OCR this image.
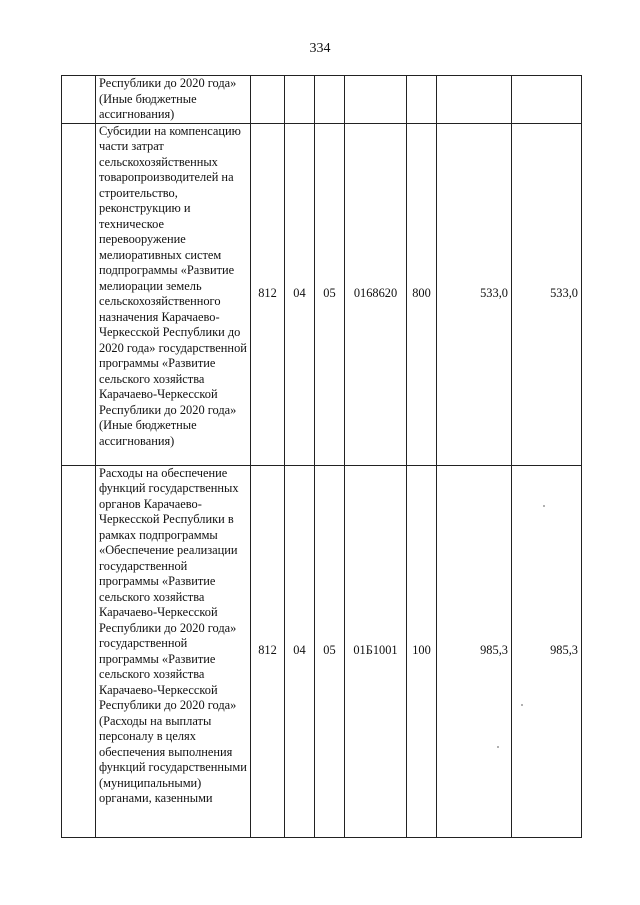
334

	Республики до 2020 года» (Иные бюджетные ассигнования)							

	Субсидии на компенсацию части затрат сельскохозяйственных товаропроизводителей на строительство, реконструкцию и техническое перевооружение мелиоративных систем подпрограммы «Развитие мелиорации земель сельскохозяйственного назначения Карачаево-Черкесской Республики до 2020 года» государственной программы «Развитие сельского хозяйства Карачаево-Черкесской Республики до 2020 года» (Иные бюджетные ассигнования)	812	04	05	0168620	800	533,0	533,0

	Расходы на обеспечение функций государственных органов Карачаево-Черкесской Республики в рамках подпрограммы «Обеспечение реализации государственной программы «Развитие сельского хозяйства Карачаево-Черкесской Республики до 2020 года» государственной программы «Развитие сельского хозяйства Карачаево-Черкесской Республики до 2020 года» (Расходы на выплаты персоналу в целях обеспечения выполнения функций государственными (муниципальными) органами, казенными	812	04	05	01Б1001	100	985,3	985,3
